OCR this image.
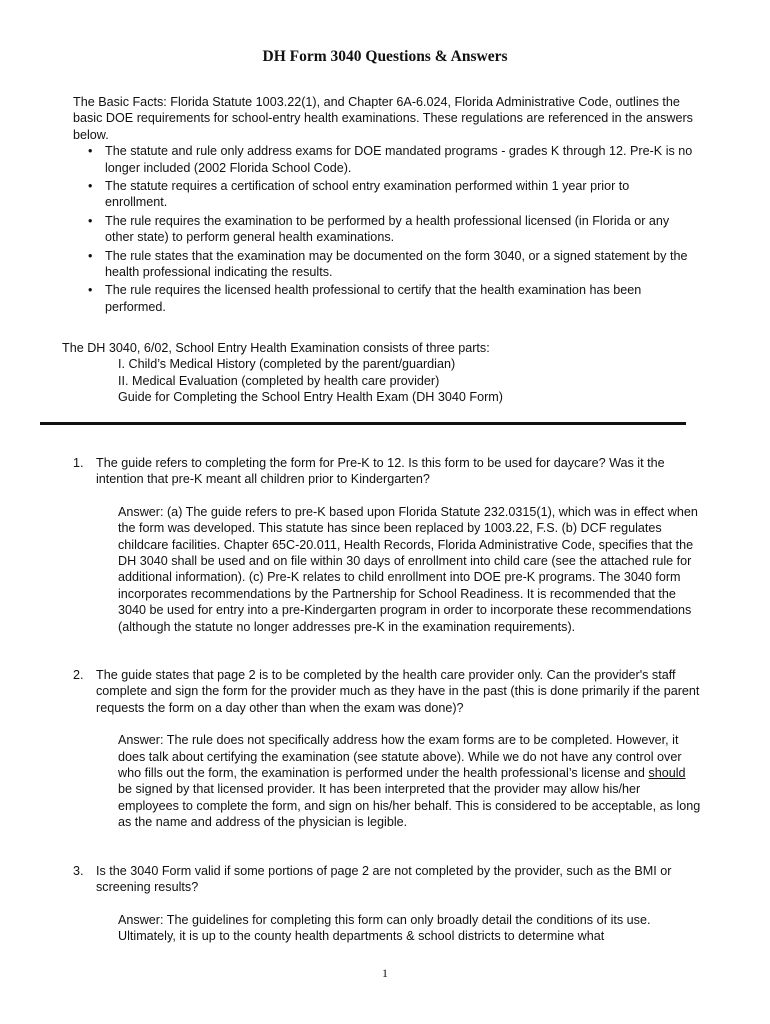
DH Form 3040 Questions & Answers

The Basic Facts: Florida Statute 1003.22(1), and Chapter 6A-6.024, Florida Administrative Code, outlines the basic DOE requirements for school-entry health examinations. These regulations are referenced in the answers below.

• The statute and rule only address exams for DOE mandated programs - grades K through 12. Pre-K is no longer included (2002 Florida School Code).
• The statute requires a certification of school entry examination performed within 1 year prior to enrollment.
• The rule requires the examination to be performed by a health professional licensed (in Florida or any other state) to perform general health examinations.
• The rule states that the examination may be documented on the form 3040, or a signed statement by the health professional indicating the results.
• The rule requires the licensed health professional to certify that the health examination has been performed.
The DH 3040, 6/02, School Entry Health Examination consists of three parts:
I. Child’s Medical History (completed by the parent/guardian)
II. Medical Evaluation (completed by health care provider)
Guide for Completing the School Entry Health Exam (DH 3040 Form)
1. The guide refers to completing the form for Pre-K to 12. Is this form to be used for daycare? Was it the intention that pre-K meant all children prior to Kindergarten?
Answer: (a) The guide refers to pre-K based upon Florida Statute 232.0315(1), which was in effect when the form was developed. This statute has since been replaced by 1003.22, F.S. (b) DCF regulates childcare facilities. Chapter 65C-20.011, Health Records, Florida Administrative Code, specifies that the DH 3040 shall be used and on file within 30 days of enrollment into child care (see the attached rule for additional information). (c) Pre-K relates to child enrollment into DOE pre-K programs. The 3040 form incorporates recommendations by the Partnership for School Readiness. It is recommended that the 3040 be used for entry into a pre-Kindergarten program in order to incorporate these recommendations (although the statute no longer addresses pre-K in the examination requirements).
2. The guide states that page 2 is to be completed by the health care provider only. Can the provider's staff complete and sign the form for the provider much as they have in the past (this is done primarily if the parent requests the form on a day other than when the exam was done)?
Answer: The rule does not specifically address how the exam forms are to be completed. However, it does talk about certifying the examination (see statute above). While we do not have any control over who fills out the form, the examination is performed under the health professional’s license and should be signed by that licensed provider. It has been interpreted that the provider may allow his/her employees to complete the form, and sign on his/her behalf. This is considered to be acceptable, as long as the name and address of the physician is legible.
3. Is the 3040 Form valid if some portions of page 2 are not completed by the provider, such as the BMI or screening results?
Answer: The guidelines for completing this form can only broadly detail the conditions of its use. Ultimately, it is up to the county health departments & school districts to determine what
1
